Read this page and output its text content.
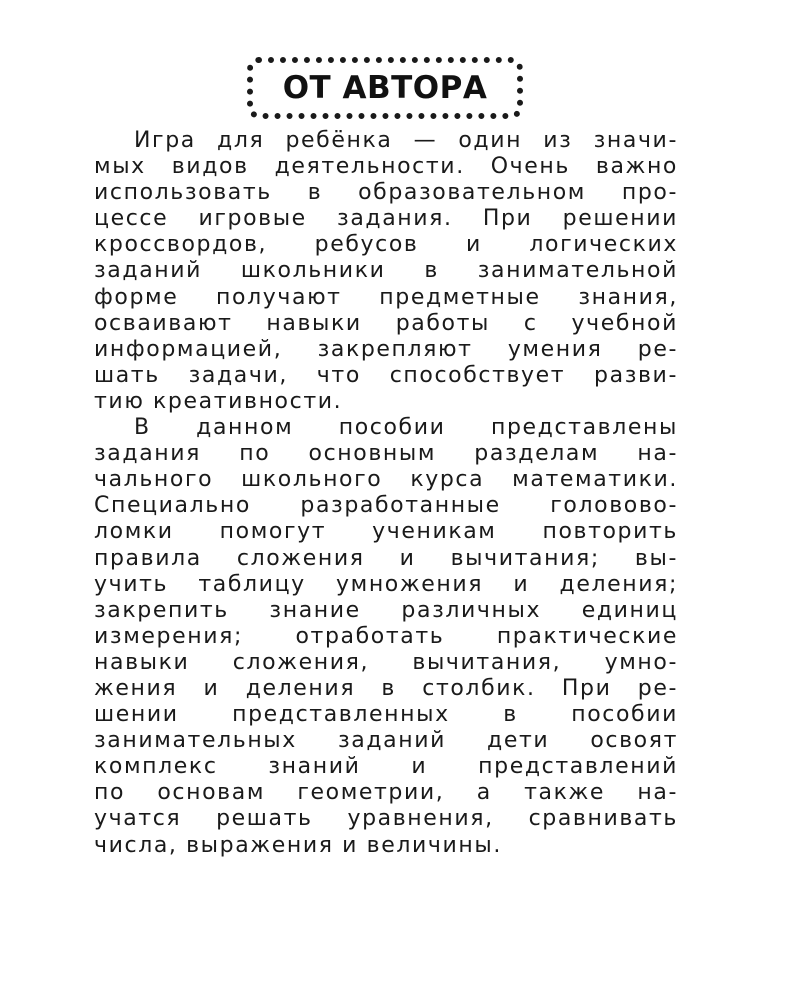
ОТ АВТОРА
Игра для ребёнка — один из значи-
мых видов деятельности. Очень важно
использовать в образовательном про-
цессе игровые задания. При решении
кроссвордов, ребусов и логических
заданий школьники в занимательной
форме получают предметные знания,
осваивают навыки работы с учебной
информацией, закрепляют умения ре-
шать задачи, что способствует разви-
тию креативности.
В данном пособии представлены
задания по основным разделам на-
чального школьного курса математики.
Специально разработанные головово-
ломки помогут ученикам повторить
правила сложения и вычитания; вы-
учить таблицу умножения и деления;
закрепить знание различных единиц
измерения; отработать практические
навыки сложения, вычитания, умно-
жения и деления в столбик. При ре-
шении представленных в пособии
занимательных заданий дети освоят
комплекс знаний и представлений
по основам геометрии, а также на-
учатся решать уравнения, сравнивать
числа, выражения и величины.
